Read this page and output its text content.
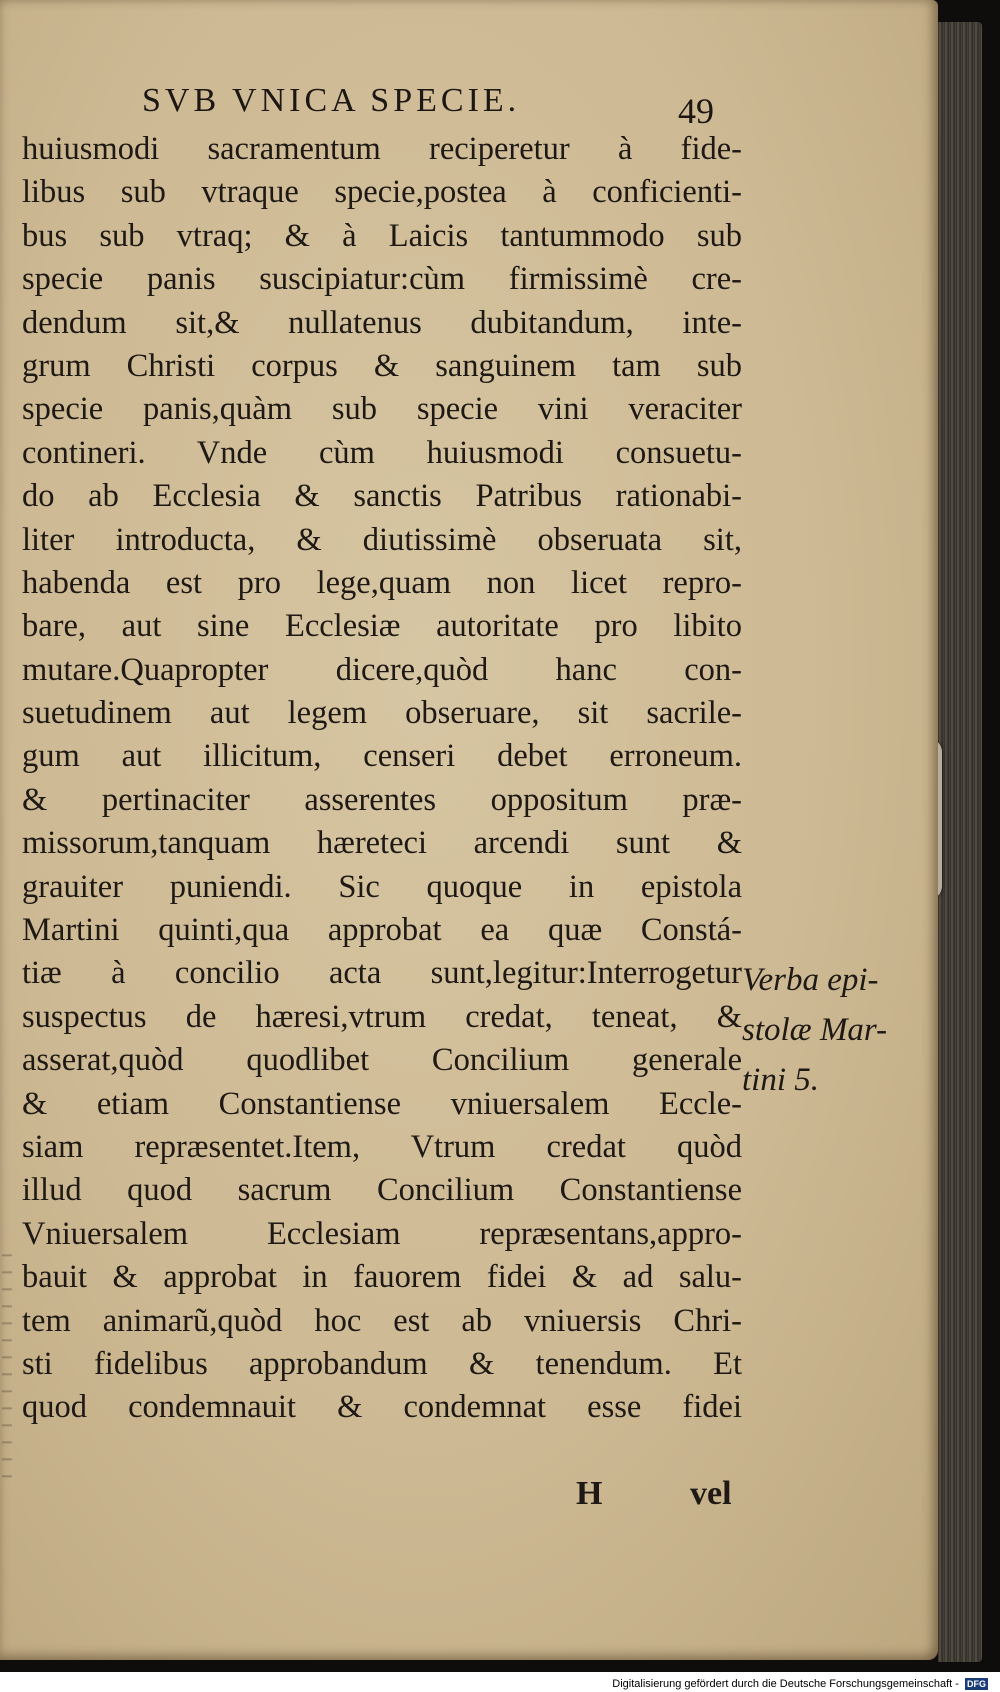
SVB VNICA SPECIE.	49
huiusmodi sacramentum reciperetur à fide-
libus sub vtraque specie,postea à conficienti-
bus sub vtraq; & à Laicis tantummodo sub
specie panis suscipiatur:cùm firmissimè cre-
dendum sit,& nullatenus dubitandum, inte-
grum Christi corpus & sanguinem tam sub
specie panis,quàm sub specie vini veraciter
contineri. Vnde cùm huiusmodi consuetu-
do ab Ecclesia & sanctis Patribus rationabi-
liter introducta, & diutissimè obseruata sit,
habenda est pro lege,quam non licet repro-
bare, aut sine Ecclesiæ autoritate pro libito
mutare.Quapropter dicere,quòd hanc con-
suetudinem aut legem obseruare, sit sacrile-
gum aut illicitum, censeri debet erroneum.
& pertinaciter asserentes oppositum præ-
missorum,tanquam hæreteci arcendi sunt &
grauiter puniendi. Sic quoque in epistola
Martini quinti,qua approbat ea quæ Constá-
tiæ à concilio acta sunt,legitur:Interrogetur
suspectus de hæresi,vtrum credat, teneat, &
asserat,quòd quodlibet Concilium generale
& etiam Constantiense vniuersalem Eccle-
siam repræsentet.Item, Vtrum credat quòd
illud quod sacrum Concilium Constantiense
Vniuersalem Ecclesiam repræsentans,appro-
bauit & approbat in fauorem fidei & ad salu-
tem animarũ,quòd hoc est ab vniuersis Chri-
sti fidelibus approbandum & tenendum. Et
quod condemnauit & condemnat esse fidei
Verba epi-
stolæ Mar-
tini 5.
H	vel
Digitalisierung gefördert durch die Deutsche Forschungsgemeinschaft - DFG
